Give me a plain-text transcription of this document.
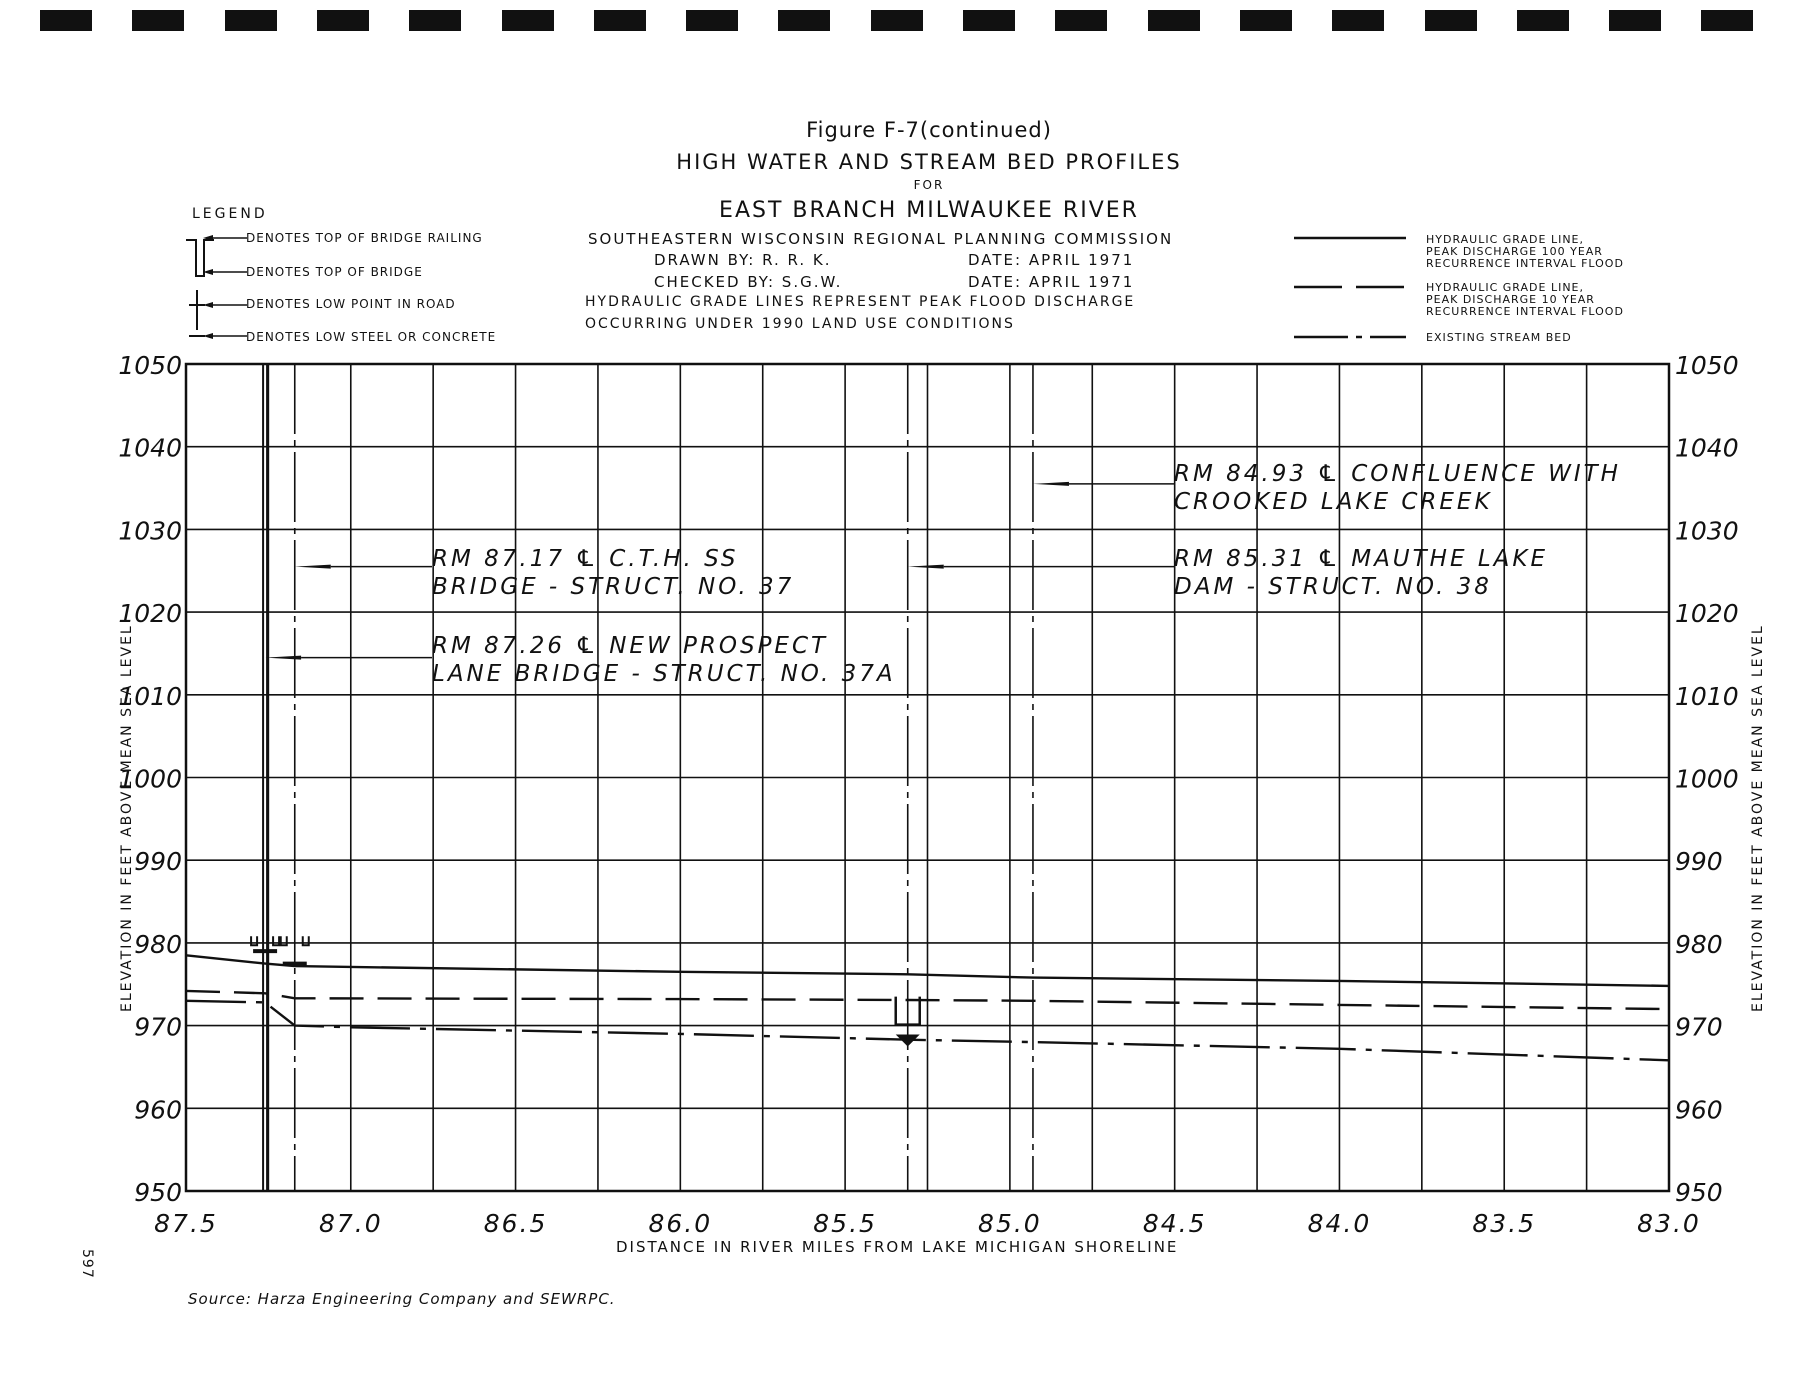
87.5	87.0	86.5	86.0	85.5	85.0	84.5	84.0	83.5	83.0
1050	1050
1040	1040
1030	1030
1020	1020
1010	1010
1000	1000
990	990
980	980
970	970
960	960
950	950
Figure F-7(continued)
HIGH WATER AND STREAM BED PROFILES
FOR
EAST BRANCH MILWAUKEE RIVER
SOUTHEASTERN WISCONSIN REGIONAL PLANNING COMMISSION
DRAWN BY: R. R. K.	DATE: APRIL 1971
CHECKED BY: S.G.W.	DATE: APRIL 1971
HYDRAULIC GRADE LINES REPRESENT PEAK FLOOD DISCHARGE
OCCURRING UNDER 1990 LAND USE CONDITIONS
LEGEND
DENOTES TOP OF BRIDGE RAILING
DENOTES TOP OF BRIDGE
DENOTES LOW POINT IN ROAD
DENOTES LOW STEEL OR CONCRETE
HYDRAULIC GRADE LINE,
PEAK DISCHARGE 100 YEAR
RECURRENCE INTERVAL FLOOD
HYDRAULIC GRADE LINE,
PEAK DISCHARGE 10 YEAR
RECURRENCE INTERVAL FLOOD
EXISTING STREAM BED
RM 84.93 ℄ CONFLUENCE WITH
CROOKED LAKE CREEK
RM 85.31 ℄ MAUTHE LAKE
DAM - STRUCT. NO. 38
RM 87.17 ℄ C.T.H. SS
BRIDGE - STRUCT. NO. 37
RM 87.26 ℄ NEW PROSPECT
LANE BRIDGE - STRUCT. NO. 37A
DISTANCE IN RIVER MILES FROM LAKE MICHIGAN SHORELINE
ELEVATION IN FEET ABOVE MEAN SEA LEVEL	ELEVATION IN FEET ABOVE MEAN SEA LEVEL
597
Source: Harza Engineering Company and SEWRPC.
